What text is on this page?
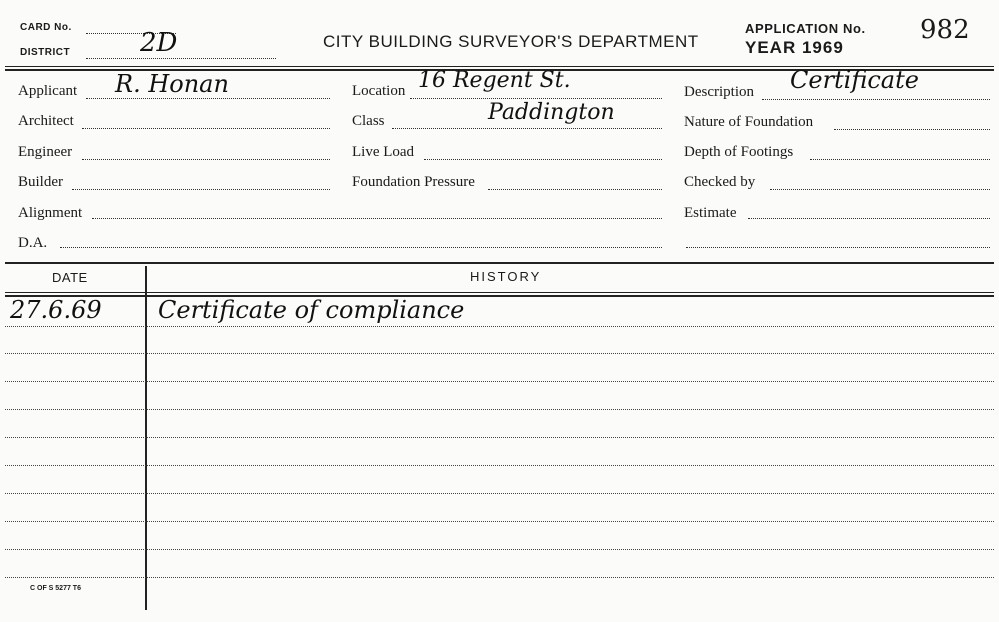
CARD No.
DISTRICT	2D	CITY BUILDING SURVEYOR'S DEPARTMENT
APPLICATION No. 982
YEAR 1969
Applicant R. Honan
Architect
Engineer
Builder
Alignment
D.A.
Location 16 Regent St.
Paddington
Class
Live Load
Foundation Pressure
Description Certificate
Nature of Foundation
Depth of Footings
Checked by
Estimate
DATE	HISTORY
27.6.69 Certificate of compliance
C OF S 5277 T6
